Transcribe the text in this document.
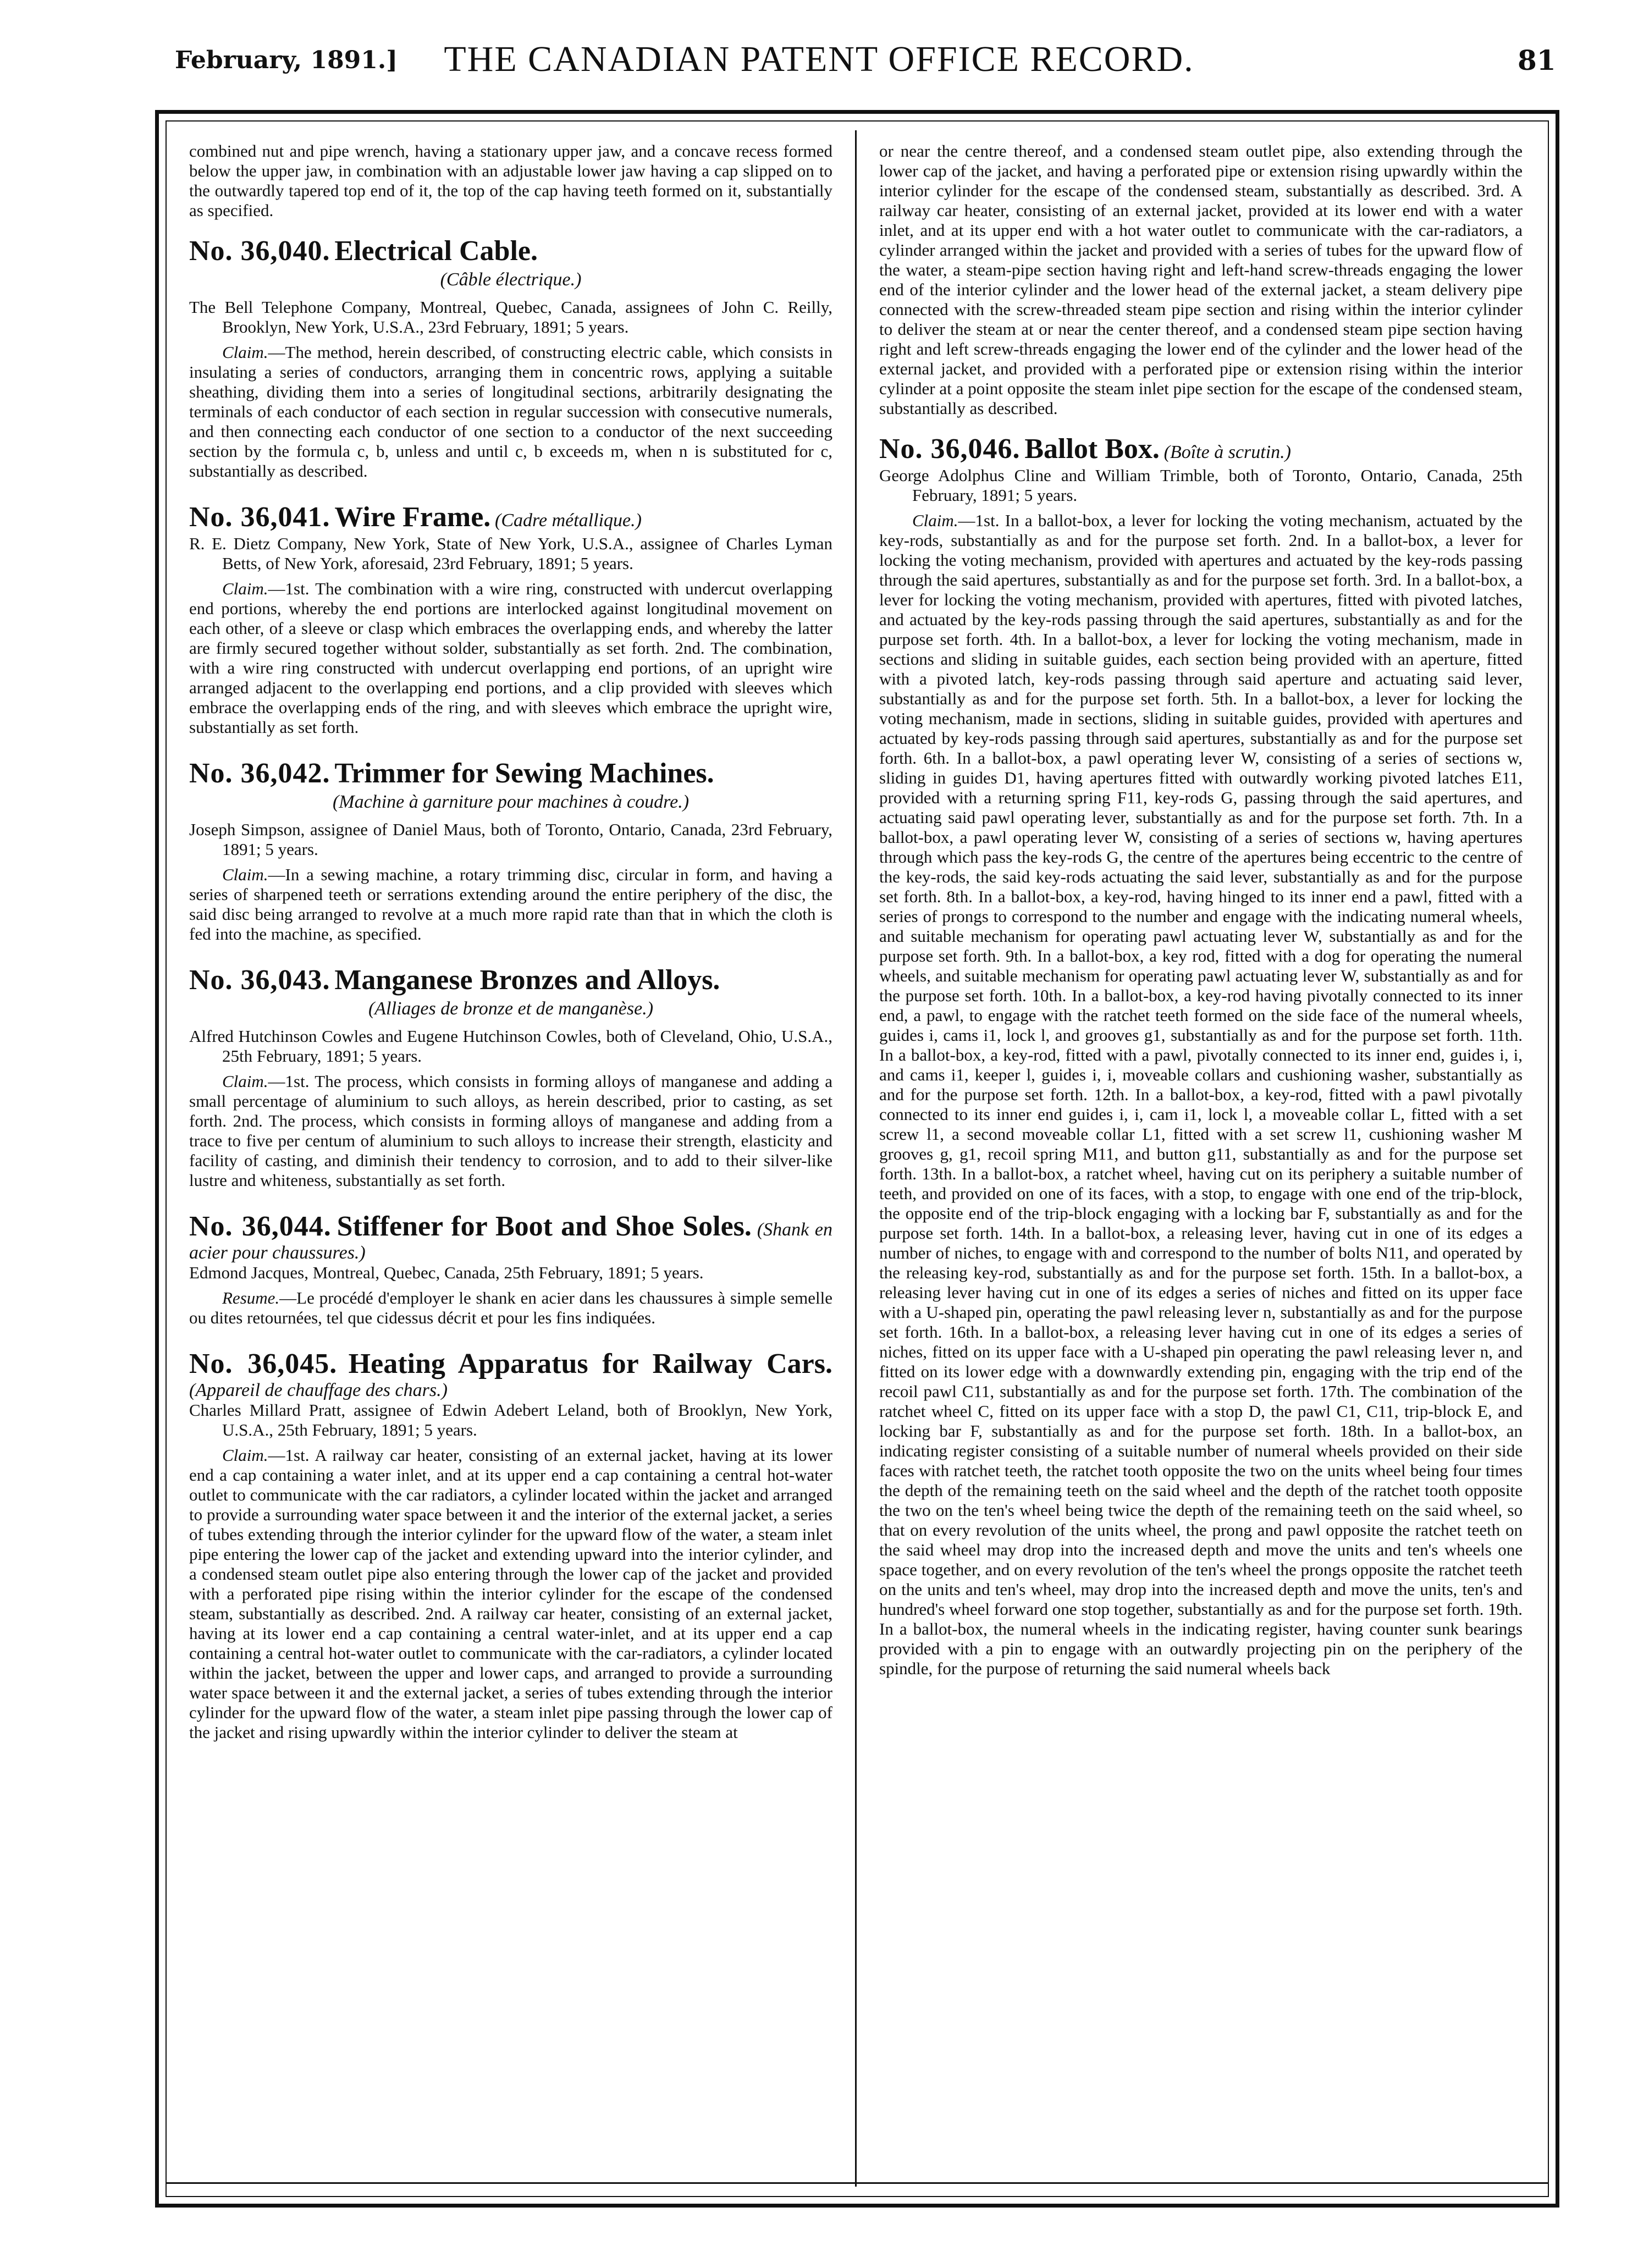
February, 1891.]	THE CANADIAN PATENT OFFICE RECORD.	81

combined nut and pipe wrench, having a stationary upper jaw, and a concave recess formed below the upper jaw, in combination with an adjustable lower jaw having a cap slipped on to the outwardly tapered top end of it, the top of the cap having teeth formed on it, substantially as specified.

No. 36,040. Electrical Cable.
(Câble électrique.)

The Bell Telephone Company, Montreal, Quebec, Canada, assignees of John C. Reilly, Brooklyn, New York, U.S.A., 23rd February, 1891; 5 years.

Claim.—The method, herein described, of constructing electric cable, which consists in insulating a series of conductors, arranging them in concentric rows, applying a suitable sheathing, dividing them into a series of longitudinal sections, arbitrarily designating the terminals of each conductor of each section in regular succession with consecutive numerals, and then connecting each conductor of one section to a conductor of the next succeeding section by the formula c, b, unless and until c, b exceeds m, when n is substituted for c, substantially as described.

No. 36,041. Wire Frame. (Cadre métallique.)

R. E. Dietz Company, New York, State of New York, U.S.A., assignee of Charles Lyman Betts, of New York, aforesaid, 23rd February, 1891; 5 years.

Claim.—1st. The combination with a wire ring, constructed with undercut overlapping end portions, whereby the end portions are interlocked against longitudinal movement on each other, of a sleeve or clasp which embraces the overlapping ends, and whereby the latter are firmly secured together without solder, substantially as set forth. 2nd. The combination, with a wire ring constructed with undercut overlapping end portions, of an upright wire arranged adjacent to the overlapping end portions, and a clip provided with sleeves which embrace the overlapping ends of the ring, and with sleeves which embrace the upright wire, substantially as set forth.

No. 36,042. Trimmer for Sewing Machines.
(Machine à garniture pour machines à coudre.)

Joseph Simpson, assignee of Daniel Maus, both of Toronto, Ontario, Canada, 23rd February, 1891; 5 years.

Claim.—In a sewing machine, a rotary trimming disc, circular in form, and having a series of sharpened teeth or serrations extending around the entire periphery of the disc, the said disc being arranged to revolve at a much more rapid rate than that in which the cloth is fed into the machine, as specified.

No. 36,043. Manganese Bronzes and Alloys.
(Alliages de bronze et de manganèse.)

Alfred Hutchinson Cowles and Eugene Hutchinson Cowles, both of Cleveland, Ohio, U.S.A., 25th February, 1891; 5 years.

Claim.—1st. The process, which consists in forming alloys of manganese and adding a small percentage of aluminium to such alloys, as herein described, prior to casting, as set forth. 2nd. The process, which consists in forming alloys of manganese and adding from a trace to five per centum of aluminium to such alloys to increase their strength, elasticity and facility of casting, and diminish their tendency to corrosion, and to add to their silver-like lustre and whiteness, substantially as set forth.

No. 36,044. Stiffener for Boot and Shoe Soles. (Shank en acier pour chaussures.)

Edmond Jacques, Montreal, Quebec, Canada, 25th February, 1891; 5 years.

Resume.—Le procédé d'employer le shank en acier dans les chaussures à simple semelle ou dites retournées, tel que cidessus décrit et pour les fins indiquées.

No. 36,045. Heating Apparatus for Railway Cars. (Appareil de chauffage des chars.)

Charles Millard Pratt, assignee of Edwin Adebert Leland, both of Brooklyn, New York, U.S.A., 25th February, 1891; 5 years.

Claim.—1st. A railway car heater, consisting of an external jacket, having at its lower end a cap containing a water inlet, and at its upper end a cap containing a central hot-water outlet to communicate with the car radiators, a cylinder located within the jacket and arranged to provide a surrounding water space between it and the interior of the external jacket, a series of tubes extending through the interior cylinder for the upward flow of the water, a steam inlet pipe entering the lower cap of the jacket and extending upward into the interior cylinder, and a condensed steam outlet pipe also entering through the lower cap of the jacket and provided with a perforated pipe rising within the interior cylinder for the escape of the condensed steam, substantially as described. 2nd. A railway car heater, consisting of an external jacket, having at its lower end a cap containing a central water-inlet, and at its upper end a cap containing a central hot-water outlet to communicate with the car-radiators, a cylinder located within the jacket, between the upper and lower caps, and arranged to provide a surrounding water space between it and the external jacket, a series of tubes extending through the interior cylinder for the upward flow of the water, a steam inlet pipe passing through the lower cap of the jacket and rising upwardly within the interior cylinder to deliver the steam at

or near the centre thereof, and a condensed steam outlet pipe, also extending through the lower cap of the jacket, and having a perforated pipe or extension rising upwardly within the interior cylinder for the escape of the condensed steam, substantially as described. 3rd. A railway car heater, consisting of an external jacket, provided at its lower end with a water inlet, and at its upper end with a hot water outlet to communicate with the car-radiators, a cylinder arranged within the jacket and provided with a series of tubes for the upward flow of the water, a steam-pipe section having right and left-hand screw-threads engaging the lower end of the interior cylinder and the lower head of the external jacket, a steam delivery pipe connected with the screw-threaded steam pipe section and rising within the interior cylinder to deliver the steam at or near the center thereof, and a condensed steam pipe section having right and left screw-threads engaging the lower end of the cylinder and the lower head of the external jacket, and provided with a perforated pipe or extension rising within the interior cylinder at a point opposite the steam inlet pipe section for the escape of the condensed steam, substantially as described.

No. 36,046. Ballot Box. (Boîte à scrutin.)

George Adolphus Cline and William Trimble, both of Toronto, Ontario, Canada, 25th February, 1891; 5 years.

Claim.—1st. In a ballot-box, a lever for locking the voting mechanism, actuated by the key-rods, substantially as and for the purpose set forth. 2nd. In a ballot-box, a lever for locking the voting mechanism, provided with apertures and actuated by the key-rods passing through the said apertures, substantially as and for the purpose set forth. 3rd. In a ballot-box, a lever for locking the voting mechanism, provided with apertures, fitted with pivoted latches, and actuated by the key-rods passing through the said apertures, substantially as and for the purpose set forth. 4th. In a ballot-box, a lever for locking the voting mechanism, made in sections and sliding in suitable guides, each section being provided with an aperture, fitted with a pivoted latch, key-rods passing through said aperture and actuating said lever, substantially as and for the purpose set forth. 5th. In a ballot-box, a lever for locking the voting mechanism, made in sections, sliding in suitable guides, provided with apertures and actuated by key-rods passing through said apertures, substantially as and for the purpose set forth. 6th. In a ballot-box, a pawl operating lever W, consisting of a series of sections w, sliding in guides D1, having apertures fitted with outwardly working pivoted latches E11, provided with a returning spring F11, key-rods G, passing through the said apertures, and actuating said pawl operating lever, substantially as and for the purpose set forth. 7th. In a ballot-box, a pawl operating lever W, consisting of a series of sections w, having apertures through which pass the key-rods G, the centre of the apertures being eccentric to the centre of the key-rods, the said key-rods actuating the said lever, substantially as and for the purpose set forth. 8th. In a ballot-box, a key-rod, having hinged to its inner end a pawl, fitted with a series of prongs to correspond to the number and engage with the indicating numeral wheels, and suitable mechanism for operating pawl actuating lever W, substantially as and for the purpose set forth. 9th. In a ballot-box, a key rod, fitted with a dog for operating the numeral wheels, and suitable mechanism for operating pawl actuating lever W, substantially as and for the purpose set forth. 10th. In a ballot-box, a key-rod having pivotally connected to its inner end, a pawl, to engage with the ratchet teeth formed on the side face of the numeral wheels, guides i, cams i1, lock l, and grooves g1, substantially as and for the purpose set forth. 11th. In a ballot-box, a key-rod, fitted with a pawl, pivotally connected to its inner end, guides i, i, and cams i1, keeper l, guides i, i, moveable collars and cushioning washer, substantially as and for the purpose set forth. 12th. In a ballot-box, a key-rod, fitted with a pawl pivotally connected to its inner end guides i, i, cam i1, lock l, a moveable collar L, fitted with a set screw l1, a second moveable collar L1, fitted with a set screw l1, cushioning washer M grooves g, g1, recoil spring M11, and button g11, substantially as and for the purpose set forth. 13th. In a ballot-box, a ratchet wheel, having cut on its periphery a suitable number of teeth, and provided on one of its faces, with a stop, to engage with one end of the trip-block, the opposite end of the trip-block engaging with a locking bar F, substantially as and for the purpose set forth. 14th. In a ballot-box, a releasing lever, having cut in one of its edges a number of niches, to engage with and correspond to the number of bolts N11, and operated by the releasing key-rod, substantially as and for the purpose set forth. 15th. In a ballot-box, a releasing lever having cut in one of its edges a series of niches and fitted on its upper face with a U-shaped pin, operating the pawl releasing lever n, substantially as and for the purpose set forth. 16th. In a ballot-box, a releasing lever having cut in one of its edges a series of niches, fitted on its upper face with a U-shaped pin operating the pawl releasing lever n, and fitted on its lower edge with a downwardly extending pin, engaging with the trip end of the recoil pawl C11, substantially as and for the purpose set forth. 17th. The combination of the ratchet wheel C, fitted on its upper face with a stop D, the pawl C1, C11, trip-block E, and locking bar F, substantially as and for the purpose set forth. 18th. In a ballot-box, an indicating register consisting of a suitable number of numeral wheels provided on their side faces with ratchet teeth, the ratchet tooth opposite the two on the units wheel being four times the depth of the remaining teeth on the said wheel and the depth of the ratchet tooth opposite the two on the ten's wheel being twice the depth of the remaining teeth on the said wheel, so that on every revolution of the units wheel, the prong and pawl opposite the ratchet teeth on the said wheel may drop into the increased depth and move the units and ten's wheels one space together, and on every revolution of the ten's wheel the prongs opposite the ratchet teeth on the units and ten's wheel, may drop into the increased depth and move the units, ten's and hundred's wheel forward one stop together, substantially as and for the purpose set forth. 19th. In a ballot-box, the numeral wheels in the indicating register, having counter sunk bearings provided with a pin to engage with an outwardly projecting pin on the periphery of the spindle, for the purpose of returning the said numeral wheels back
